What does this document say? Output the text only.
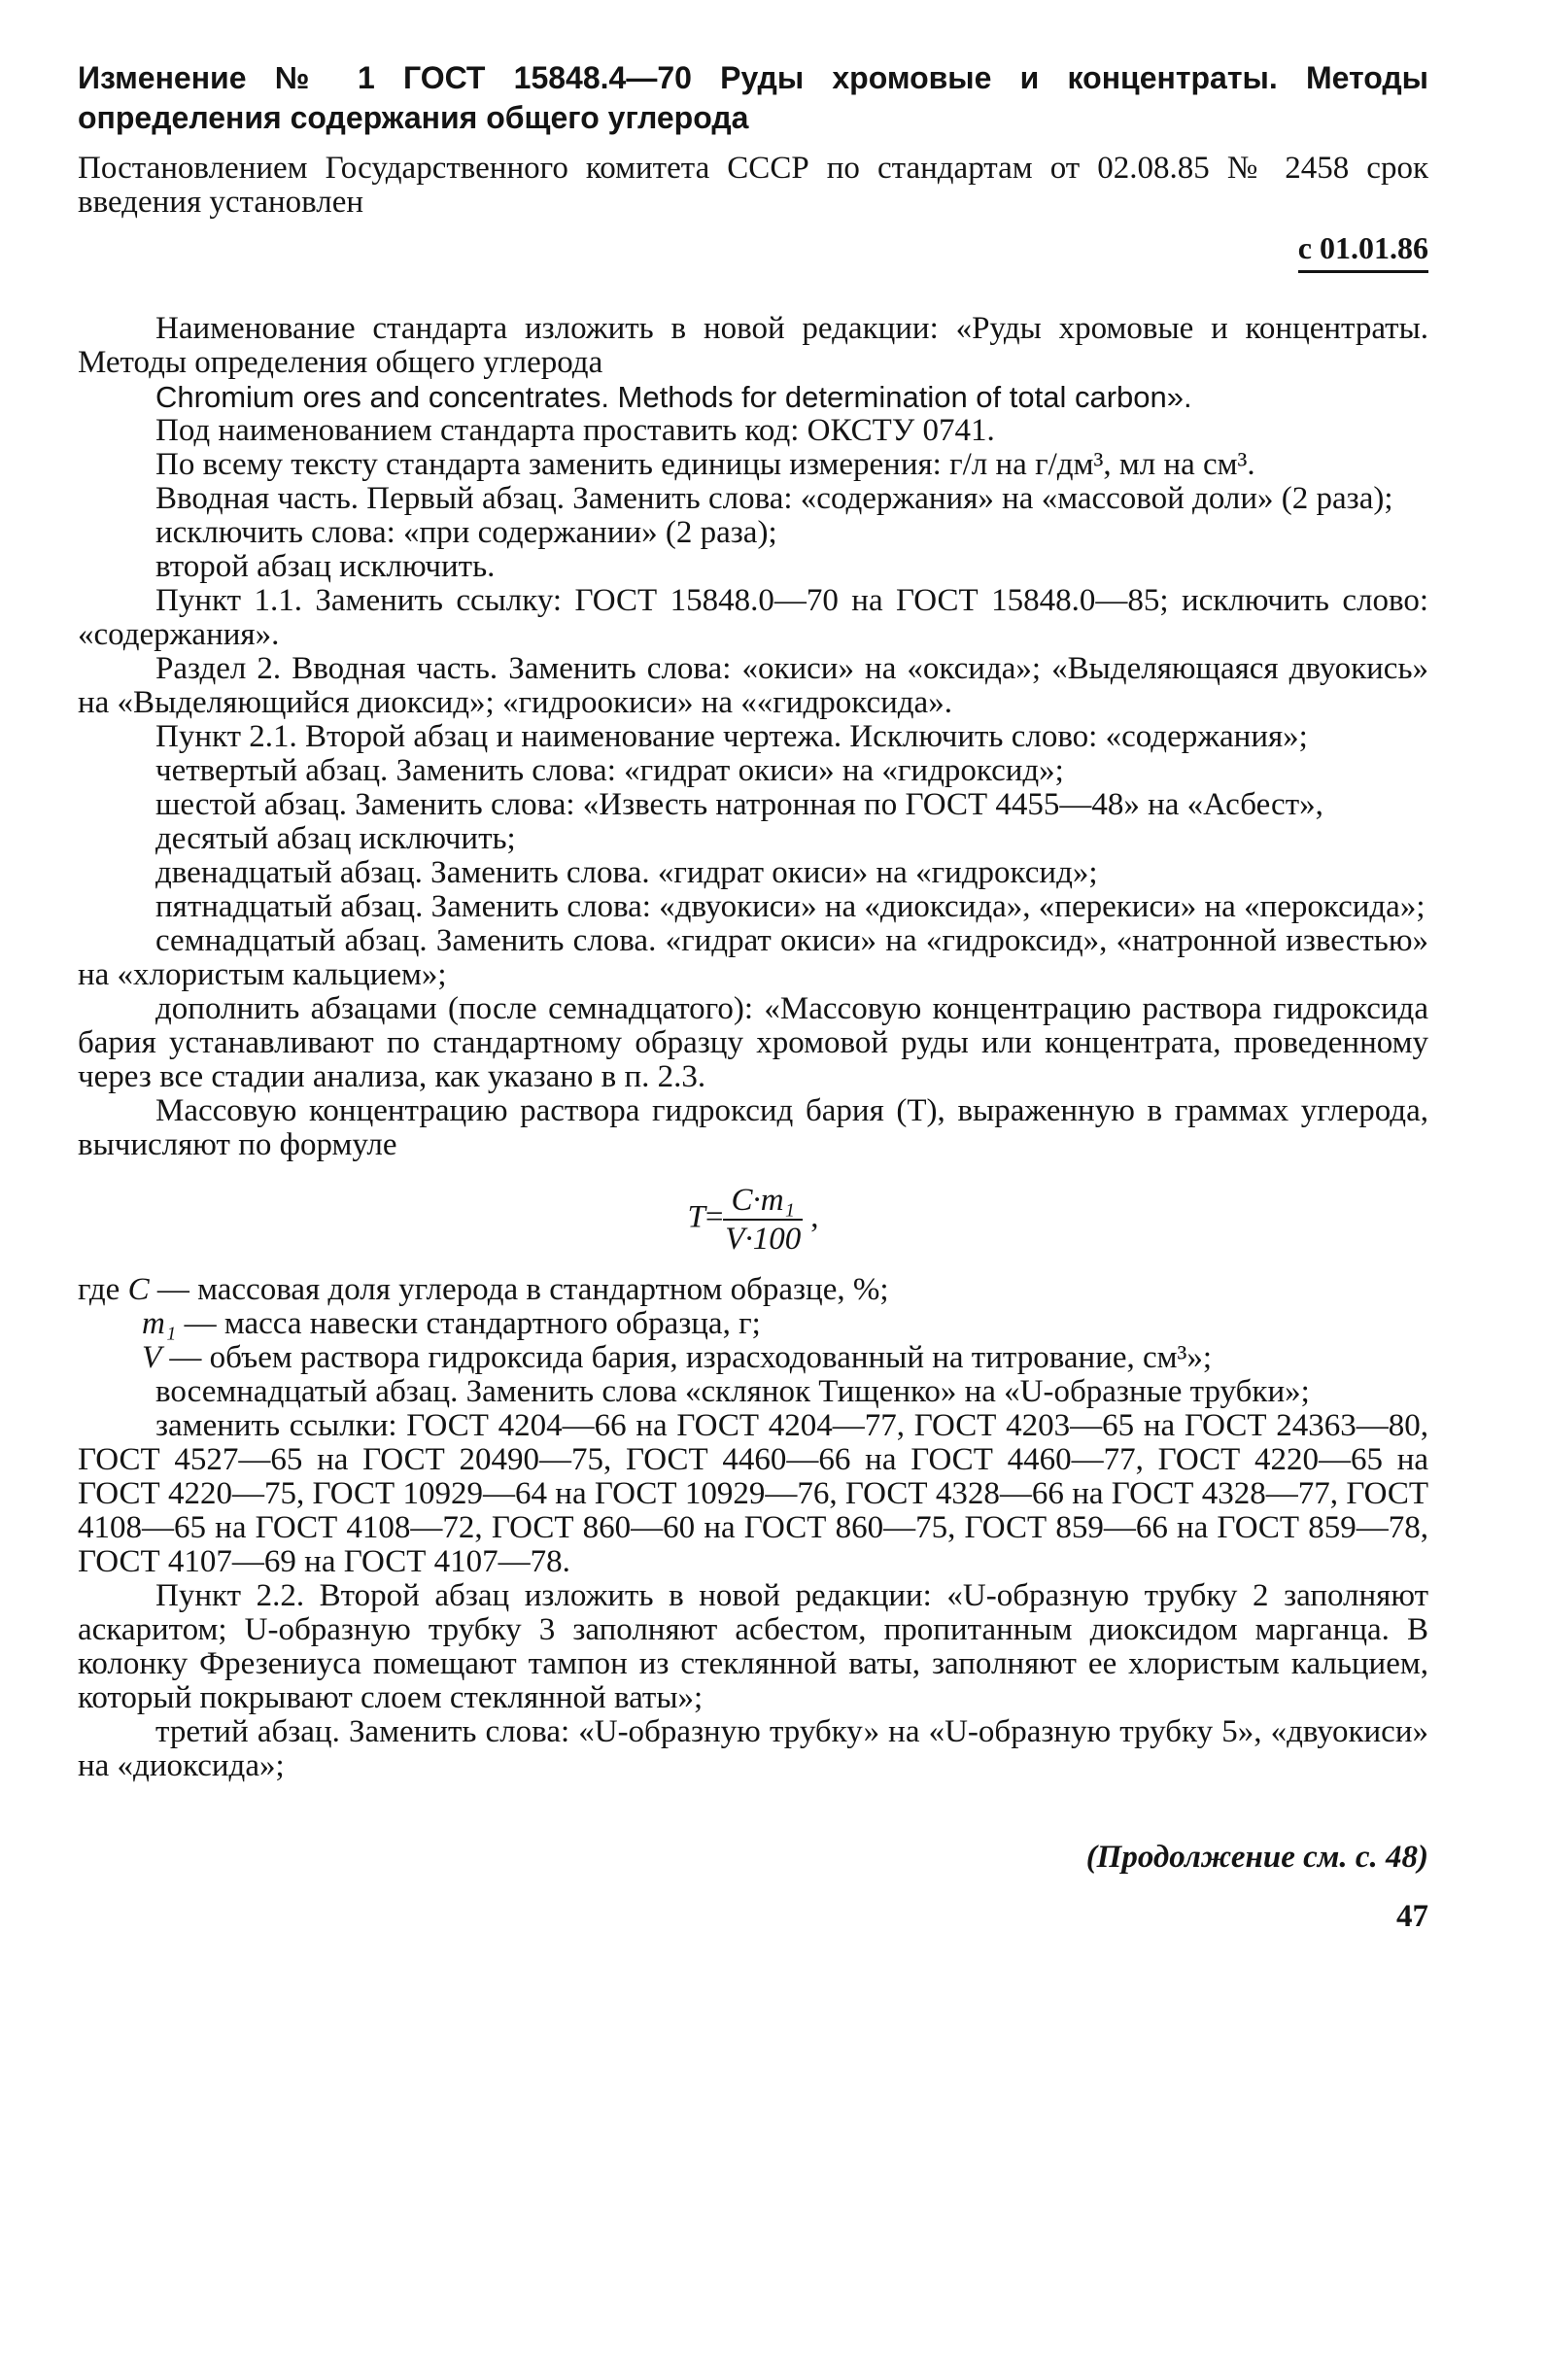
Изменение № 1 ГОСТ 15848.4—70 Руды хромовые и концентраты. Методы определения содержания общего углерода
Постановлением Государственного комитета СССР по стандартам от 02.08.85 № 2458 срок введения установлен
с 01.01.86

Наименование стандарта изложить в новой редакции: «Руды хромовые и концентраты. Методы определения общего углерода

Chromium ores and concentrates. Methods for determination of total carbon».

Под наименованием стандарта проставить код: ОКСТУ 0741.

По всему тексту стандарта заменить единицы измерения: г/л на г/дм³, мл на см³.

Вводная часть. Первый абзац. Заменить слова: «содержания» на «массовой доли» (2 раза);

исключить слова: «при содержании» (2 раза);

второй абзац исключить.

Пункт 1.1. Заменить ссылку: ГОСТ 15848.0—70 на ГОСТ 15848.0—85; исключить слово: «содержания».

Раздел 2. Вводная часть. Заменить слова: «окиси» на «оксида»; «Выделяющаяся двуокись» на «Выделяющийся диоксид»; «гидроокиси» на ««гидроксида».

Пункт 2.1. Второй абзац и наименование чертежа. Исключить слово: «содержания»;

четвертый абзац. Заменить слова: «гидрат окиси» на «гидроксид»;

шестой абзац. Заменить слова: «Известь натронная по ГОСТ 4455—48» на «Асбест»,

десятый абзац исключить;

двенадцатый абзац. Заменить слова. «гидрат окиси» на «гидроксид»;

пятнадцатый абзац. Заменить слова: «двуокиси» на «диоксида», «перекиси» на «пероксида»;

семнадцатый абзац. Заменить слова. «гидрат окиси» на «гидроксид», «натронной известью» на «хлористым кальцием»;

дополнить абзацами (после семнадцатого): «Массовую концентрацию раствора гидроксида бария устанавливают по стандартному образцу хромовой руды или концентрата, проведенному через все стадии анализа, как указано в п. 2.3.

Массовую концентрацию раствора гидроксид бария (Т), выраженную в граммах углерода, вычисляют по формуле

$T= \frac{\text{C·m₁}}{V\cdot 100}$ ,
где C — массовая доля углерода в стандартном образце, %;
m₁ — масса навески стандартного образца, г;
V — объем раствора гидроксида бария, израсходованный на титрование, см³»;

восемнадцатый абзац. Заменить слова «склянок Тищенко» на «U-образные трубки»;

заменить ссылки: ГОСТ 4204—66 на ГОСТ 4204—77, ГОСТ 4203—65 на ГОСТ 24363—80, ГОСТ 4527—65 на ГОСТ 20490—75, ГОСТ 4460—66 на ГОСТ 4460—77, ГОСТ 4220—65 на ГОСТ 4220—75, ГОСТ 10929—64 на ГОСТ 10929—76, ГОСТ 4328—66 на ГОСТ 4328—77, ГОСТ 4108—65 на ГОСТ 4108—72, ГОСТ 860—60 на ГОСТ 860—75, ГОСТ 859—66 на ГОСТ 859—78, ГОСТ 4107—69 на ГОСТ 4107—78.

Пункт 2.2. Второй абзац изложить в новой редакции: «U-образную трубку 2 заполняют аскаритом; U-образную трубку 3 заполняют асбестом, пропитанным диоксидом марганца. В колонку Фрезениуса помещают тампон из стеклянной ваты, заполняют ее хлористым кальцием, который покрывают слоем стеклянной ваты»;

третий абзац. Заменить слова: «U-образную трубку» на «U-образную трубку 5», «двуокиси» на «диоксида»;

(Продолжение см. с. 48)
47
